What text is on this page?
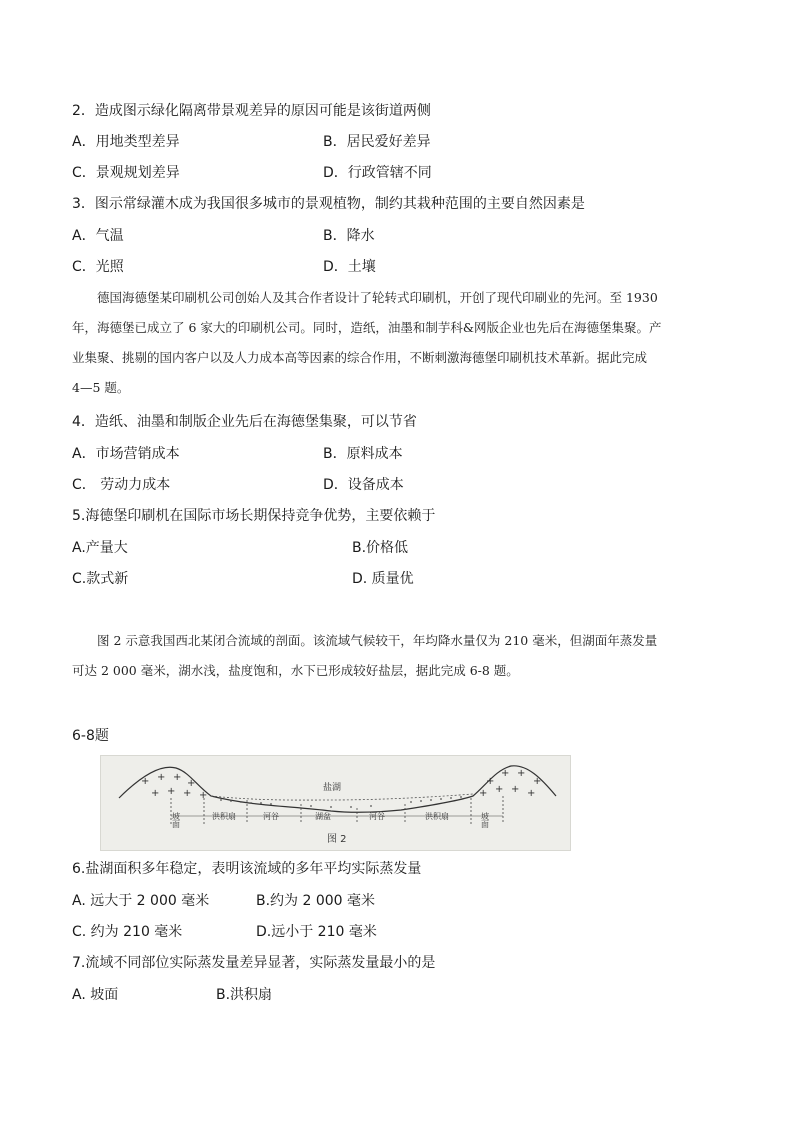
2．造成图示绿化隔离带景观差异的原因可能是该街道两侧
A．用地类型差异	B．居民爱好差异
C．景观规划差异	D．行政管辖不同
3．图示常绿灌木成为我国很多城市的景观植物，制约其栽种范围的主要自然因素是
A．气温	B．降水
C．光照	D．土壤

德国海德堡某印刷机公司创始人及其合作者设计了轮转式印刷机，开创了现代印刷业的先河。至 1930

年，海德堡已成立了 6 家大的印刷机公司。同时，造纸，油墨和制芋科&网版企业也先后在海德堡集聚。产

业集聚、挑剔的国内客户以及人力成本高等因素的综合作用，不断刺激海德堡印刷机技术革新。据此完成

4—5 题。

4．造纸、油墨和制版企业先后在海德堡集聚，可以节省
A．市场营销成本	B．原料成本
C． 劳动力成本	D．设备成本
5.海德堡印刷机在国际市场长期保持竞争优势，主要依赖于
A.产量大	B.价格低
C.款式新	D. 质量优

图 2 示意我国西北某闭合流域的剖面。该流域气候较干，年均降水量仅为 210 毫米，但湖面年蒸发量

可达 2 000 毫米，湖水浅，盐度饱和，水下已形成较好盐层，据此完成 6-8 题。

6-8题
+ + +
+
+ + + +
+
+ +
+
+ + + +
盐湖
坡面	洪积扇	河谷	湖盆	河谷	洪积扇	坡面
图 2
6.盐湖面积多年稳定，表明该流域的多年平均实际蒸发量
A. 远大于 2 000 毫米	B.约为 2 000 毫米
C. 约为 210 毫米	D.远小于 210 毫米
7.流域不同部位实际蒸发量差异显著，实际蒸发量最小的是
A. 坡面	B.洪积扇
